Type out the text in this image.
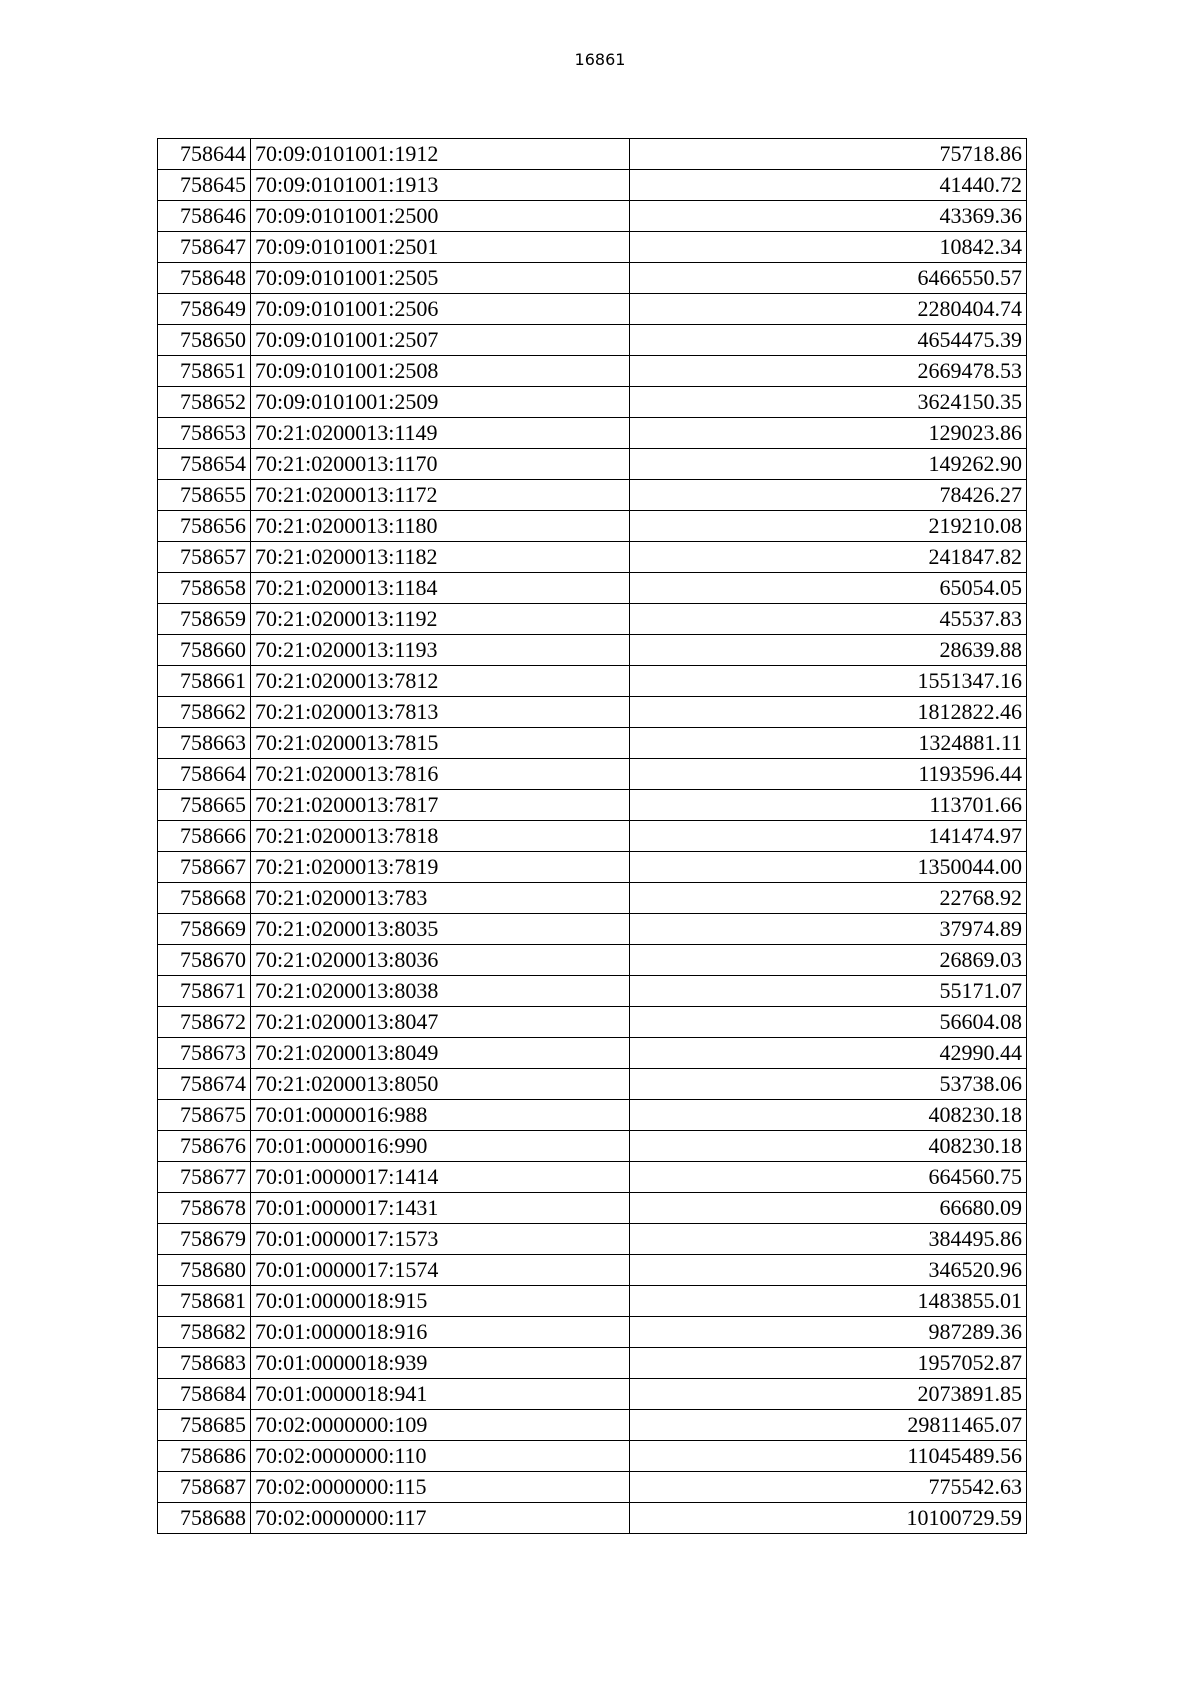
16861
758644	70:09:0101001:1912	75718.86
758645	70:09:0101001:1913	41440.72
758646	70:09:0101001:2500	43369.36
758647	70:09:0101001:2501	10842.34
758648	70:09:0101001:2505	6466550.57
758649	70:09:0101001:2506	2280404.74
758650	70:09:0101001:2507	4654475.39
758651	70:09:0101001:2508	2669478.53
758652	70:09:0101001:2509	3624150.35
758653	70:21:0200013:1149	129023.86
758654	70:21:0200013:1170	149262.90
758655	70:21:0200013:1172	78426.27
758656	70:21:0200013:1180	219210.08
758657	70:21:0200013:1182	241847.82
758658	70:21:0200013:1184	65054.05
758659	70:21:0200013:1192	45537.83
758660	70:21:0200013:1193	28639.88
758661	70:21:0200013:7812	1551347.16
758662	70:21:0200013:7813	1812822.46
758663	70:21:0200013:7815	1324881.11
758664	70:21:0200013:7816	1193596.44
758665	70:21:0200013:7817	113701.66
758666	70:21:0200013:7818	141474.97
758667	70:21:0200013:7819	1350044.00
758668	70:21:0200013:783	22768.92
758669	70:21:0200013:8035	37974.89
758670	70:21:0200013:8036	26869.03
758671	70:21:0200013:8038	55171.07
758672	70:21:0200013:8047	56604.08
758673	70:21:0200013:8049	42990.44
758674	70:21:0200013:8050	53738.06
758675	70:01:0000016:988	408230.18
758676	70:01:0000016:990	408230.18
758677	70:01:0000017:1414	664560.75
758678	70:01:0000017:1431	66680.09
758679	70:01:0000017:1573	384495.86
758680	70:01:0000017:1574	346520.96
758681	70:01:0000018:915	1483855.01
758682	70:01:0000018:916	987289.36
758683	70:01:0000018:939	1957052.87
758684	70:01:0000018:941	2073891.85
758685	70:02:0000000:109	29811465.07
758686	70:02:0000000:110	11045489.56
758687	70:02:0000000:115	775542.63
758688	70:02:0000000:117	10100729.59
